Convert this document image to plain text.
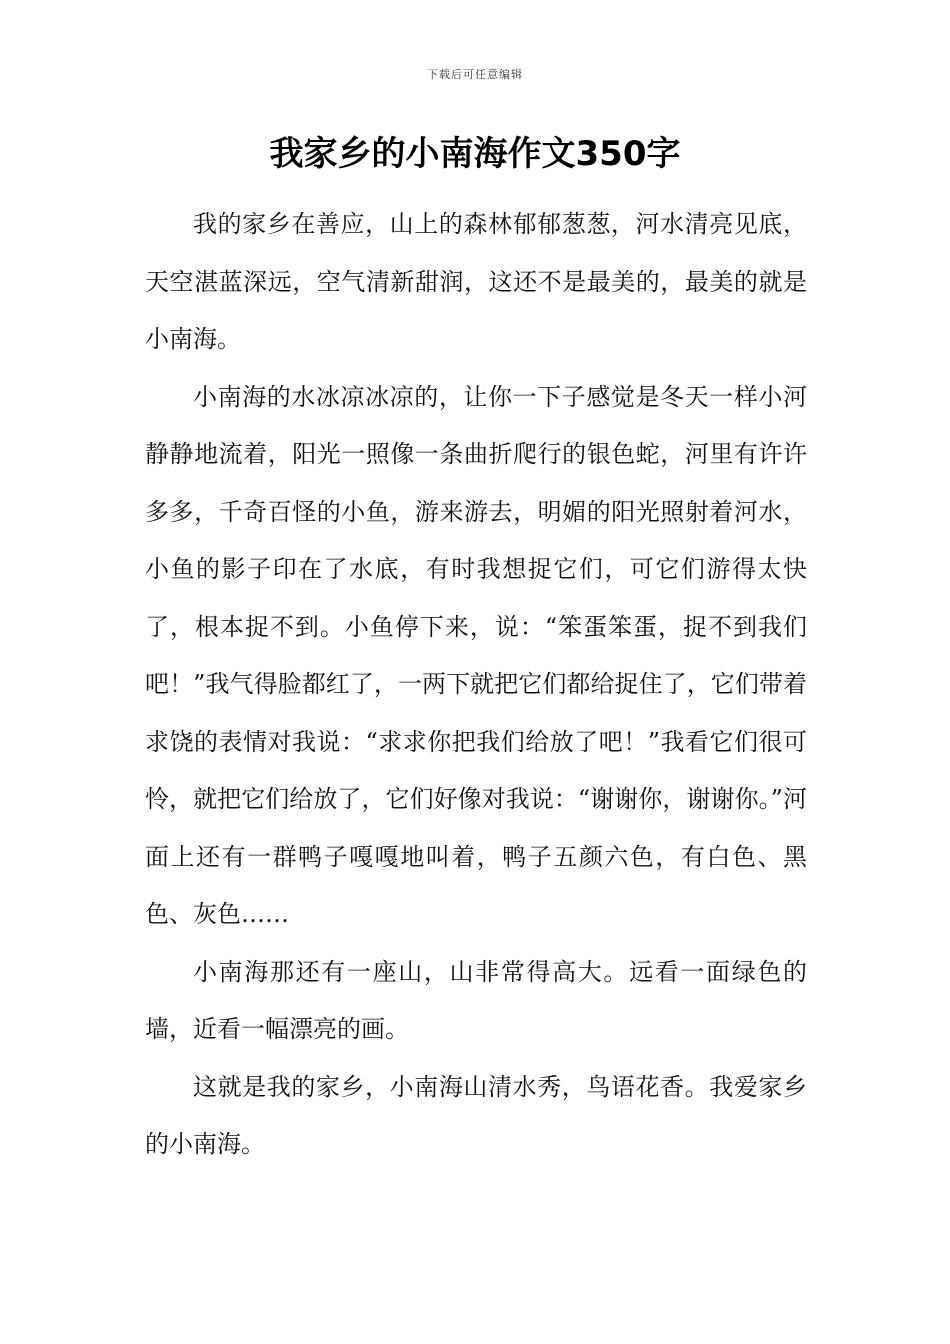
下载后可任意编辑
我家乡的小南海作文350字

我的家乡在善应，山上的森林郁郁葱葱，河水清亮见底，天空湛蓝深远，空气清新甜润，这还不是最美的，最美的就是小南海。

小南海的水冰凉冰凉的，让你一下子感觉是冬天一样小河静静地流着，阳光一照像一条曲折爬行的银色蛇，河里有许许多多，千奇百怪的小鱼，游来游去，明媚的阳光照射着河水，小鱼的影子印在了水底，有时我想捉它们，可它们游得太快了，根本捉不到。小鱼停下来，说：“笨蛋笨蛋，捉不到我们吧！”我气得脸都红了，一两下就把它们都给捉住了，它们带着求饶的表情对我说：“求求你把我们给放了吧！”我看它们很可怜，就把它们给放了，它们好像对我说：“谢谢你，谢谢你。”河面上还有一群鸭子嘎嘎地叫着，鸭子五颜六色，有白色、黑色、灰色……

小南海那还有一座山，山非常得高大。远看一面绿色的墙，近看一幅漂亮的画。

这就是我的家乡，小南海山清水秀，鸟语花香。我爱家乡的小南海。
